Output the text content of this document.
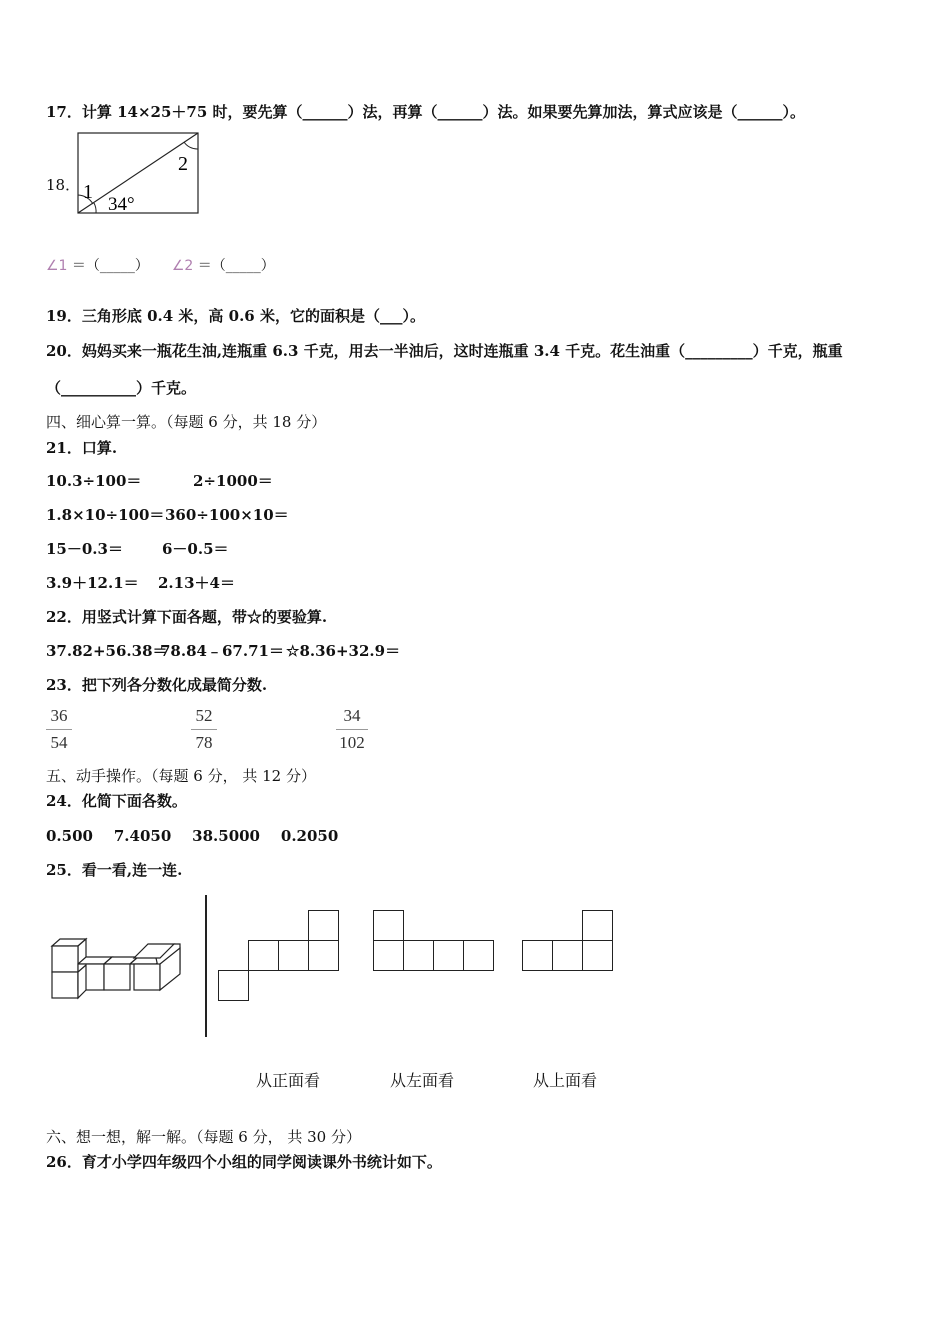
17．计算 14×25＋75 时，要先算（______）法，再算（______）法。如果要先算加法，算式应该是（______）。
18． 1
2
34°
∠1 ＝（_____） ∠2 ＝（_____）
19．三角形底 0.4 米，高 0.6 米，它的面积是（___）。
20．妈妈买来一瓶花生油,连瓶重 6.3 千克，用去一半油后，这时连瓶重 3.4 千克。花生油重（_________）千克，瓶重
（__________）千克。
四、细心算一算。（每题 6 分，共 18 分）
21．口算.
10.3÷100＝	2÷1000＝
1.8×10÷100＝ 360÷100×10＝
15－0.3＝	6－0.5＝
3.9＋12.1＝ 2.13＋4＝
22．用竖式计算下面各题，带☆的要验算.
37.82+56.38＝
78.84﹣67.71＝ ☆8.36+32.9＝
23．把下列各分数化成最简分数.
36
54
52
78
34
102
五、动手操作。（每题 6 分， 共 12 分）
24．化简下面各数。
0.500    7.4050    38.5000    0.2050
25．看一看,连一连.
从正面看	从左面看	从上面看
六、想一想，解一解。（每题 6 分， 共 30 分）
26．育才小学四年级四个小组的同学阅读课外书统计如下。
